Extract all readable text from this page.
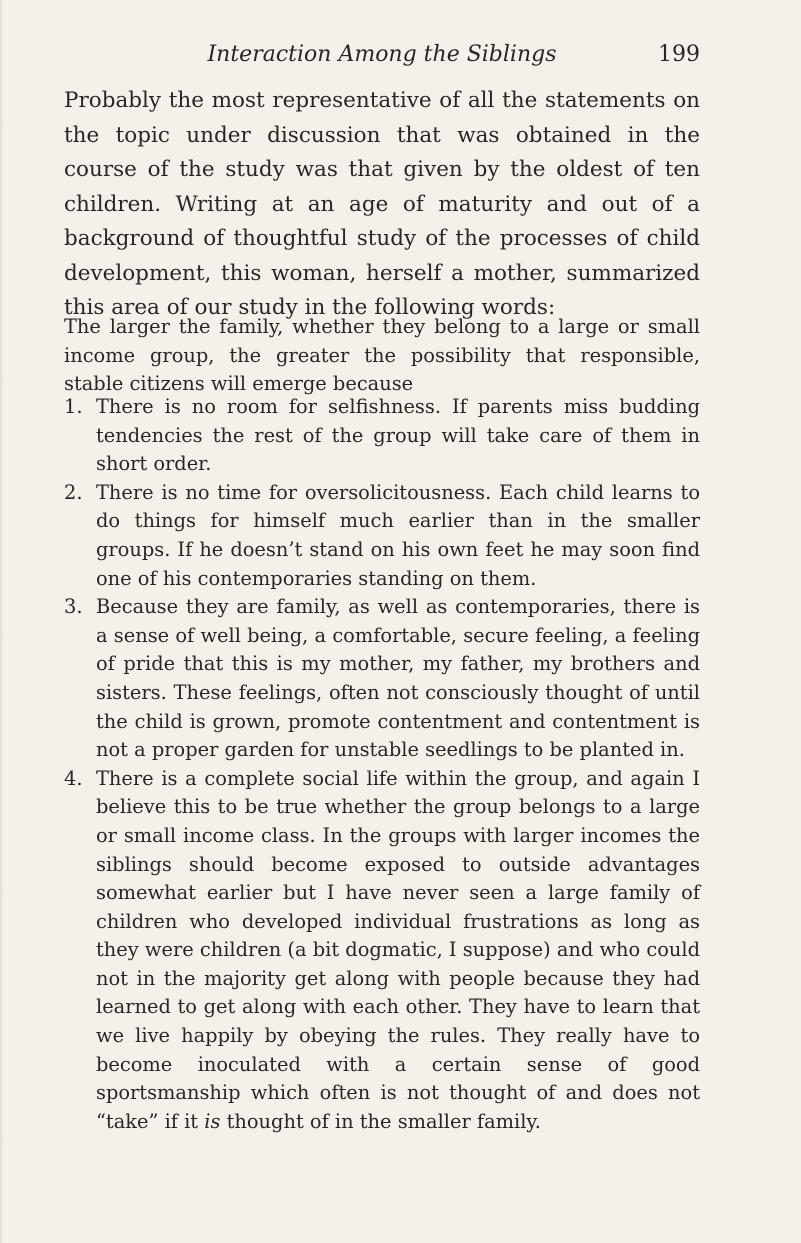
Interaction Among the Siblings	199

Probably the most representative of all the statements on the topic under discussion that was obtained in the course of the study was that given by the oldest of ten children. Writing at an age of maturity and out of a background of thoughtful study of the processes of child development, this woman, herself a mother, summarized this area of our study in the following words:

The larger the family, whether they belong to a large or small income group, the greater the possibility that responsible, stable citizens will emerge because

1. There is no room for selfishness. If parents miss budding tendencies the rest of the group will take care of them in short order.
2. There is no time for oversolicitousness. Each child learns to do things for himself much earlier than in the smaller groups. If he doesn’t stand on his own feet he may soon find one of his contemporaries standing on them.
3. Because they are family, as well as contemporaries, there is a sense of well being, a comfortable, secure feeling, a feeling of pride that this is my mother, my father, my brothers and sisters. These feelings, often not consciously thought of until the child is grown, promote contentment and contentment is not a proper garden for unstable seedlings to be planted in.
4. There is a complete social life within the group, and again I believe this to be true whether the group belongs to a large or small income class. In the groups with larger incomes the siblings should become exposed to outside advantages somewhat earlier but I have never seen a large family of children who developed individual frustrations as long as they were children (a bit dogmatic, I suppose) and who could not in the majority get along with people because they had learned to get along with each other. They have to learn that we live happily by obeying the rules. They really have to become inoculated with a certain sense of good sportsmanship which often is not thought of and does not “take” if it is thought of in the smaller family.
